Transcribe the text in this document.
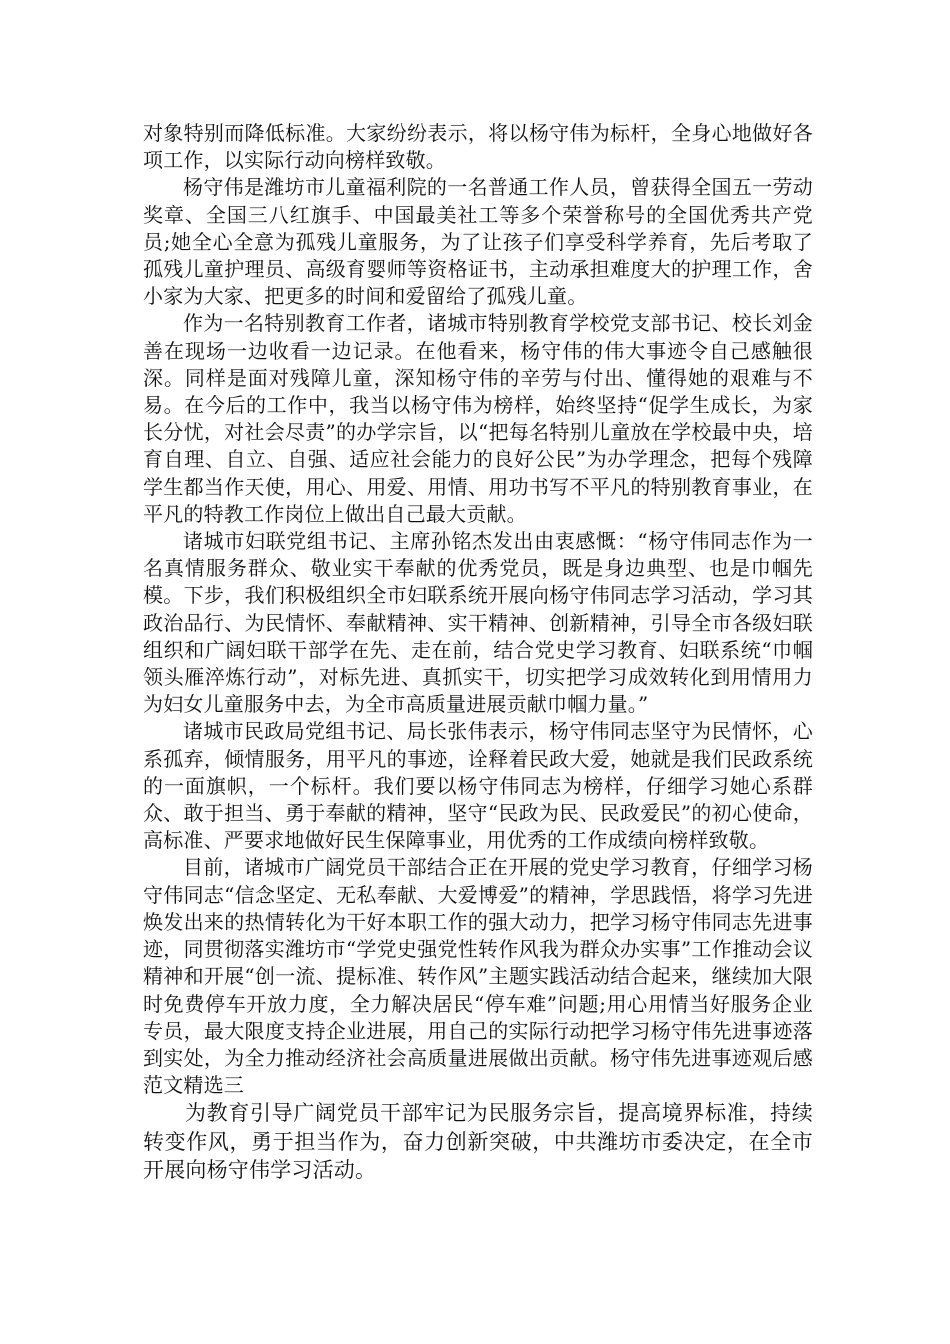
对象特别而降低标准。大家纷纷表示，将以杨守伟为标杆，全身心地做好各项工作，以实际行动向榜样致敬。

杨守伟是潍坊市儿童福利院的一名普通工作人员，曾获得全国五一劳动奖章、全国三八红旗手、中国最美社工等多个荣誉称号的全国优秀共产党员;她全心全意为孤残儿童服务，为了让孩子们享受科学养育，先后考取了孤残儿童护理员、高级育婴师等资格证书，主动承担难度大的护理工作，舍小家为大家、把更多的时间和爱留给了孤残儿童。

作为一名特别教育工作者，诸城市特别教育学校党支部书记、校长刘金善在现场一边收看一边记录。在他看来，杨守伟的伟大事迹令自己感触很深。同样是面对残障儿童，深知杨守伟的辛劳与付出、懂得她的艰难与不易。在今后的工作中，我当以杨守伟为榜样，始终坚持“促学生成长，为家长分忧，对社会尽责”的办学宗旨，以“把每名特别儿童放在学校最中央，培育自理、自立、自强、适应社会能力的良好公民”为办学理念，把每个残障学生都当作天使，用心、用爱、用情、用功书写不平凡的特别教育事业，在平凡的特教工作岗位上做出自己最大贡献。

诸城市妇联党组书记、主席孙铭杰发出由衷感慨：“杨守伟同志作为一名真情服务群众、敬业实干奉献的优秀党员，既是身边典型、也是巾帼先模。下步，我们积极组织全市妇联系统开展向杨守伟同志学习活动，学习其政治品行、为民情怀、奉献精神、实干精神、创新精神，引导全市各级妇联组织和广阔妇联干部学在先、走在前，结合党史学习教育、妇联系统“巾帼领头雁淬炼行动”，对标先进、真抓实干，切实把学习成效转化到用情用力为妇女儿童服务中去，为全市高质量进展贡献巾帼力量。”

诸城市民政局党组书记、局长张伟表示，杨守伟同志坚守为民情怀，心系孤弃，倾情服务，用平凡的事迹，诠释着民政大爱，她就是我们民政系统的一面旗帜，一个标杆。我们要以杨守伟同志为榜样，仔细学习她心系群众、敢于担当、勇于奉献的精神，坚守“民政为民、民政爱民”的初心使命，高标准、严要求地做好民生保障事业，用优秀的工作成绩向榜样致敬。

目前，诸城市广阔党员干部结合正在开展的党史学习教育，仔细学习杨守伟同志“信念坚定、无私奉献、大爱博爱”的精神，学思践悟，将学习先进焕发出来的热情转化为干好本职工作的强大动力，把学习杨守伟同志先进事迹，同贯彻落实潍坊市“学党史强党性转作风我为群众办实事”工作推动会议精神和开展“创一流、提标准、转作风”主题实践活动结合起来，继续加大限时免费停车开放力度，全力解决居民“停车难”问题;用心用情当好服务企业专员，最大限度支持企业进展，用自己的实际行动把学习杨守伟先进事迹落到实处，为全力推动经济社会高质量进展做出贡献。杨守伟先进事迹观后感范文精选三

为教育引导广阔党员干部牢记为民服务宗旨，提高境界标准，持续转变作风，勇于担当作为，奋力创新突破，中共潍坊市委决定，在全市开展向杨守伟学习活动。
